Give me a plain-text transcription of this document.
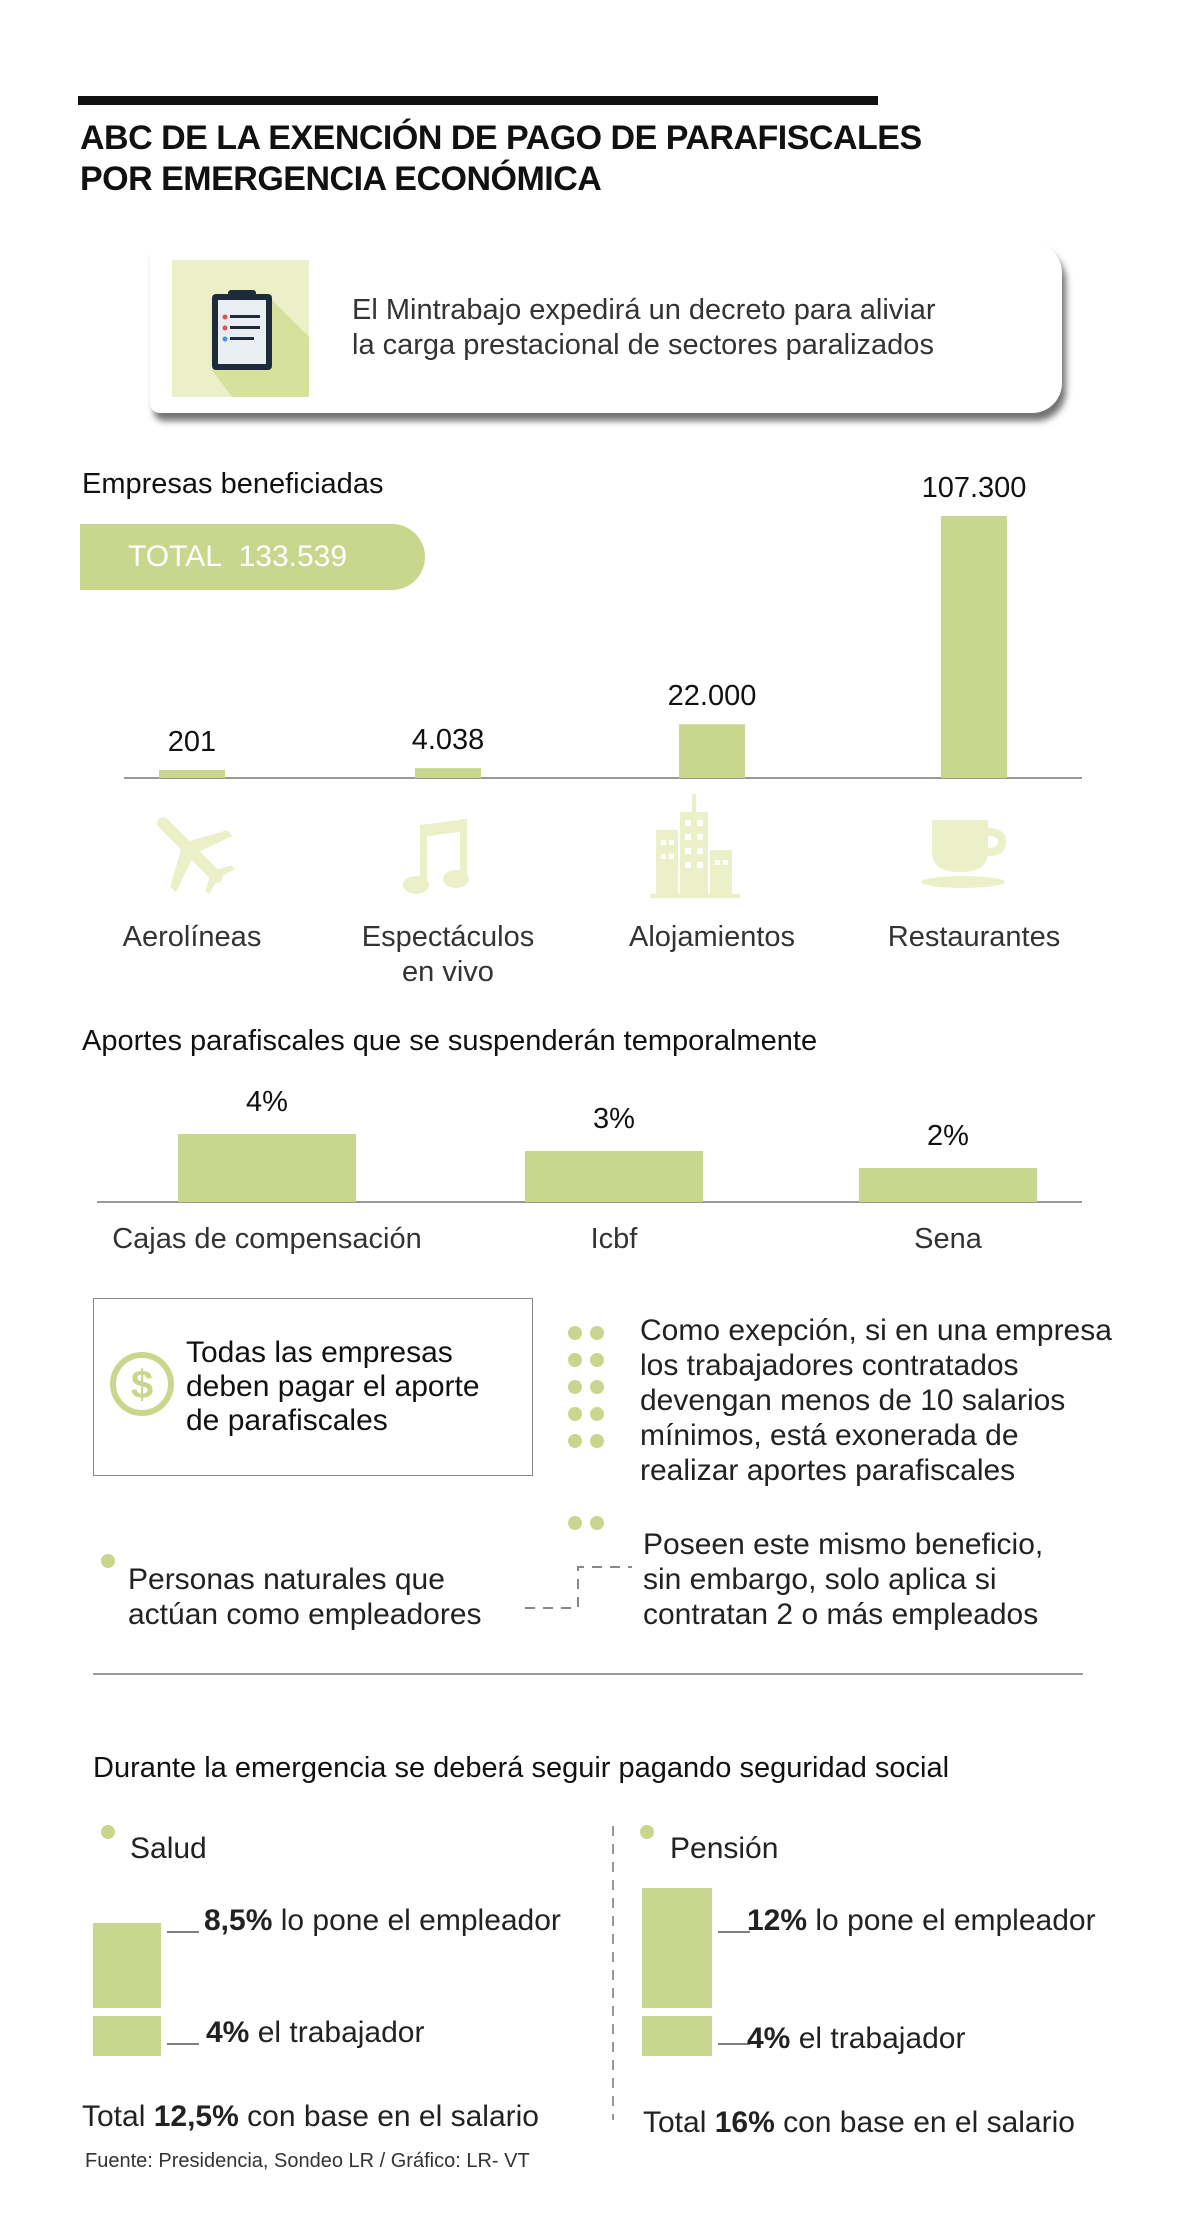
ABC DE LA EXENCIÓN DE PAGO DE PARAFISCALES
POR EMERGENCIA ECONÓMICA
El Mintrabajo expedirá un decreto para aliviar
la carga prestacional de sectores paralizados
Empresas beneficiadas
TOTAL 133.539
201
Aerolíneas
4.038
Espectáculos
en vivo
22.000
Alojamientos
107.300
Restaurantes
Aportes parafiscales que se suspenderán temporalmente
4%
Cajas de compensación
3%
Icbf
2%
Sena
$
Todas las empresas
deben pagar el aporte
de parafiscales
Como exepción, si en una empresa
los trabajadores contratados
devengan menos de 10 salarios
mínimos, está exonerada de
realizar aportes parafiscales
Personas naturales que
actúan como empleadores
Poseen este mismo beneficio,
sin embargo, solo aplica si
contratan 2 o más empleados
Durante la emergencia se deberá seguir pagando seguridad social
Salud	Pensión
8,5% lo pone el empleador
4% el trabajador
Total 12,5% con base en el salario
12% lo pone el empleador
4% el trabajador
Total 16% con base en el salario
Fuente: Presidencia, Sondeo LR / Gráfico: LR- VT
